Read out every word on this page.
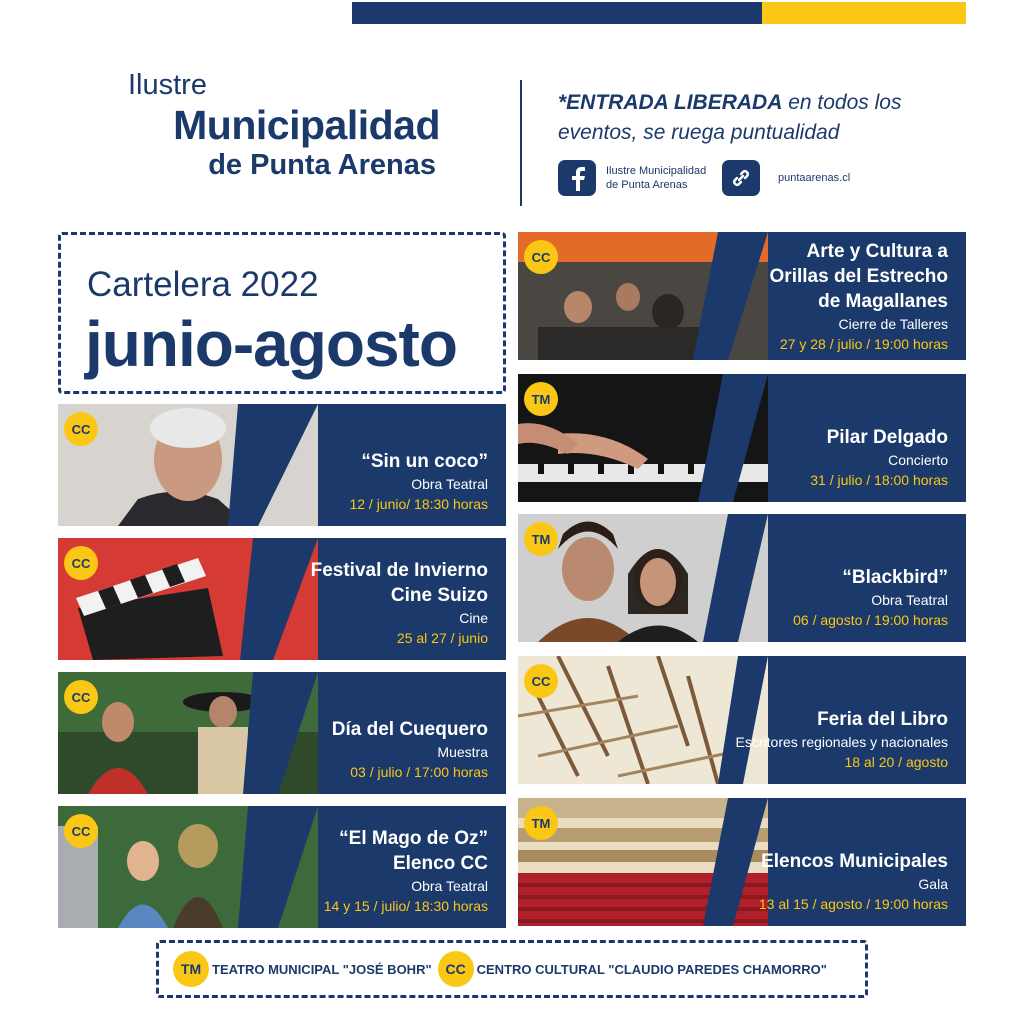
Ilustre
Municipalidad
de Punta Arenas
*ENTRADA LIBERADA en todos los
eventos, se ruega puntualidad
Ilustre Municipalidad
de Punta Arenas
puntaarenas.cl
Cartelera 2022
junio-agosto
CC
“Sin un coco”
Obra Teatral
12 / junio/ 18:30 horas
CC	Festival de Invierno
Cine Suizo
Cine
25 al 27 / junio
CC
Día del Cuequero
Muestra
03 / julio / 17:00 horas
CC	“El Mago de Oz”
Elenco CC
Obra Teatral
14 y 15 / julio/ 18:30 horas
CC	Arte y Cultura a
Orillas del Estrecho
de Magallanes
Cierre de Talleres
27 y 28 / julio / 19:00 horas
TM
Pilar Delgado
Concierto
31 / julio / 18:00 horas
TM
“Blackbird”
Obra Teatral
06 / agosto / 19:00 horas
CC
Feria del Libro
Escritores regionales y nacionales
18 al 20 / agosto
TM
Elencos Municipales
Gala
13 al 15 / agosto / 19:00 horas
TM TEATRO MUNICIPAL "JOSÉ BOHR" CC CENTRO CULTURAL "CLAUDIO PAREDES CHAMORRO"
